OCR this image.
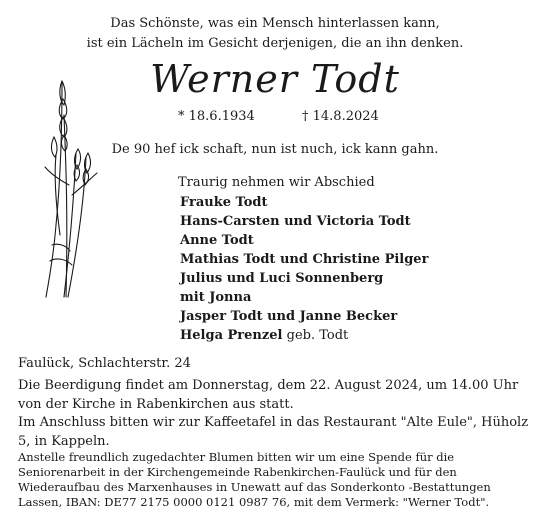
Das Schönste, was ein Mensch hinterlassen kann,
ist ein Lächeln im Gesicht derjenigen, die an ihn denken.
Werner Todt
* 18.6.1934	† 14.8.2024
De 90 hef ick schaft, nun ist nuch, ick kann gahn.
Traurig nehmen wir Abschied
Frauke Todt
Hans-Carsten und Victoria Todt
Anne Todt
Mathias Todt und Christine Pilger
Julius und Luci Sonnenberg
mit Jonna
Jasper Todt und Janne Becker
Helga Prenzel geb. Todt
Faulück, Schlachterstr. 24
Die Beerdigung findet am Donnerstag, dem 22. August 2024, um 14.00 Uhr von der Kirche in Rabenkirchen aus statt.
Im Anschluss bitten wir zur Kaffeetafel in das Restaurant "Alte Eule", Hüholz 5, in Kappeln.
Anstelle freundlich zugedachter Blumen bitten wir um eine Spende für die Seniorenarbeit in der Kirchengemeinde Rabenkirchen-Faulück und für den Wiederaufbau des Marxenhauses in Unewatt auf das Sonderkonto -Bestattungen Lassen, IBAN: DE77 2175 0000 0121 0987 76, mit dem Vermerk: "Werner Todt".
